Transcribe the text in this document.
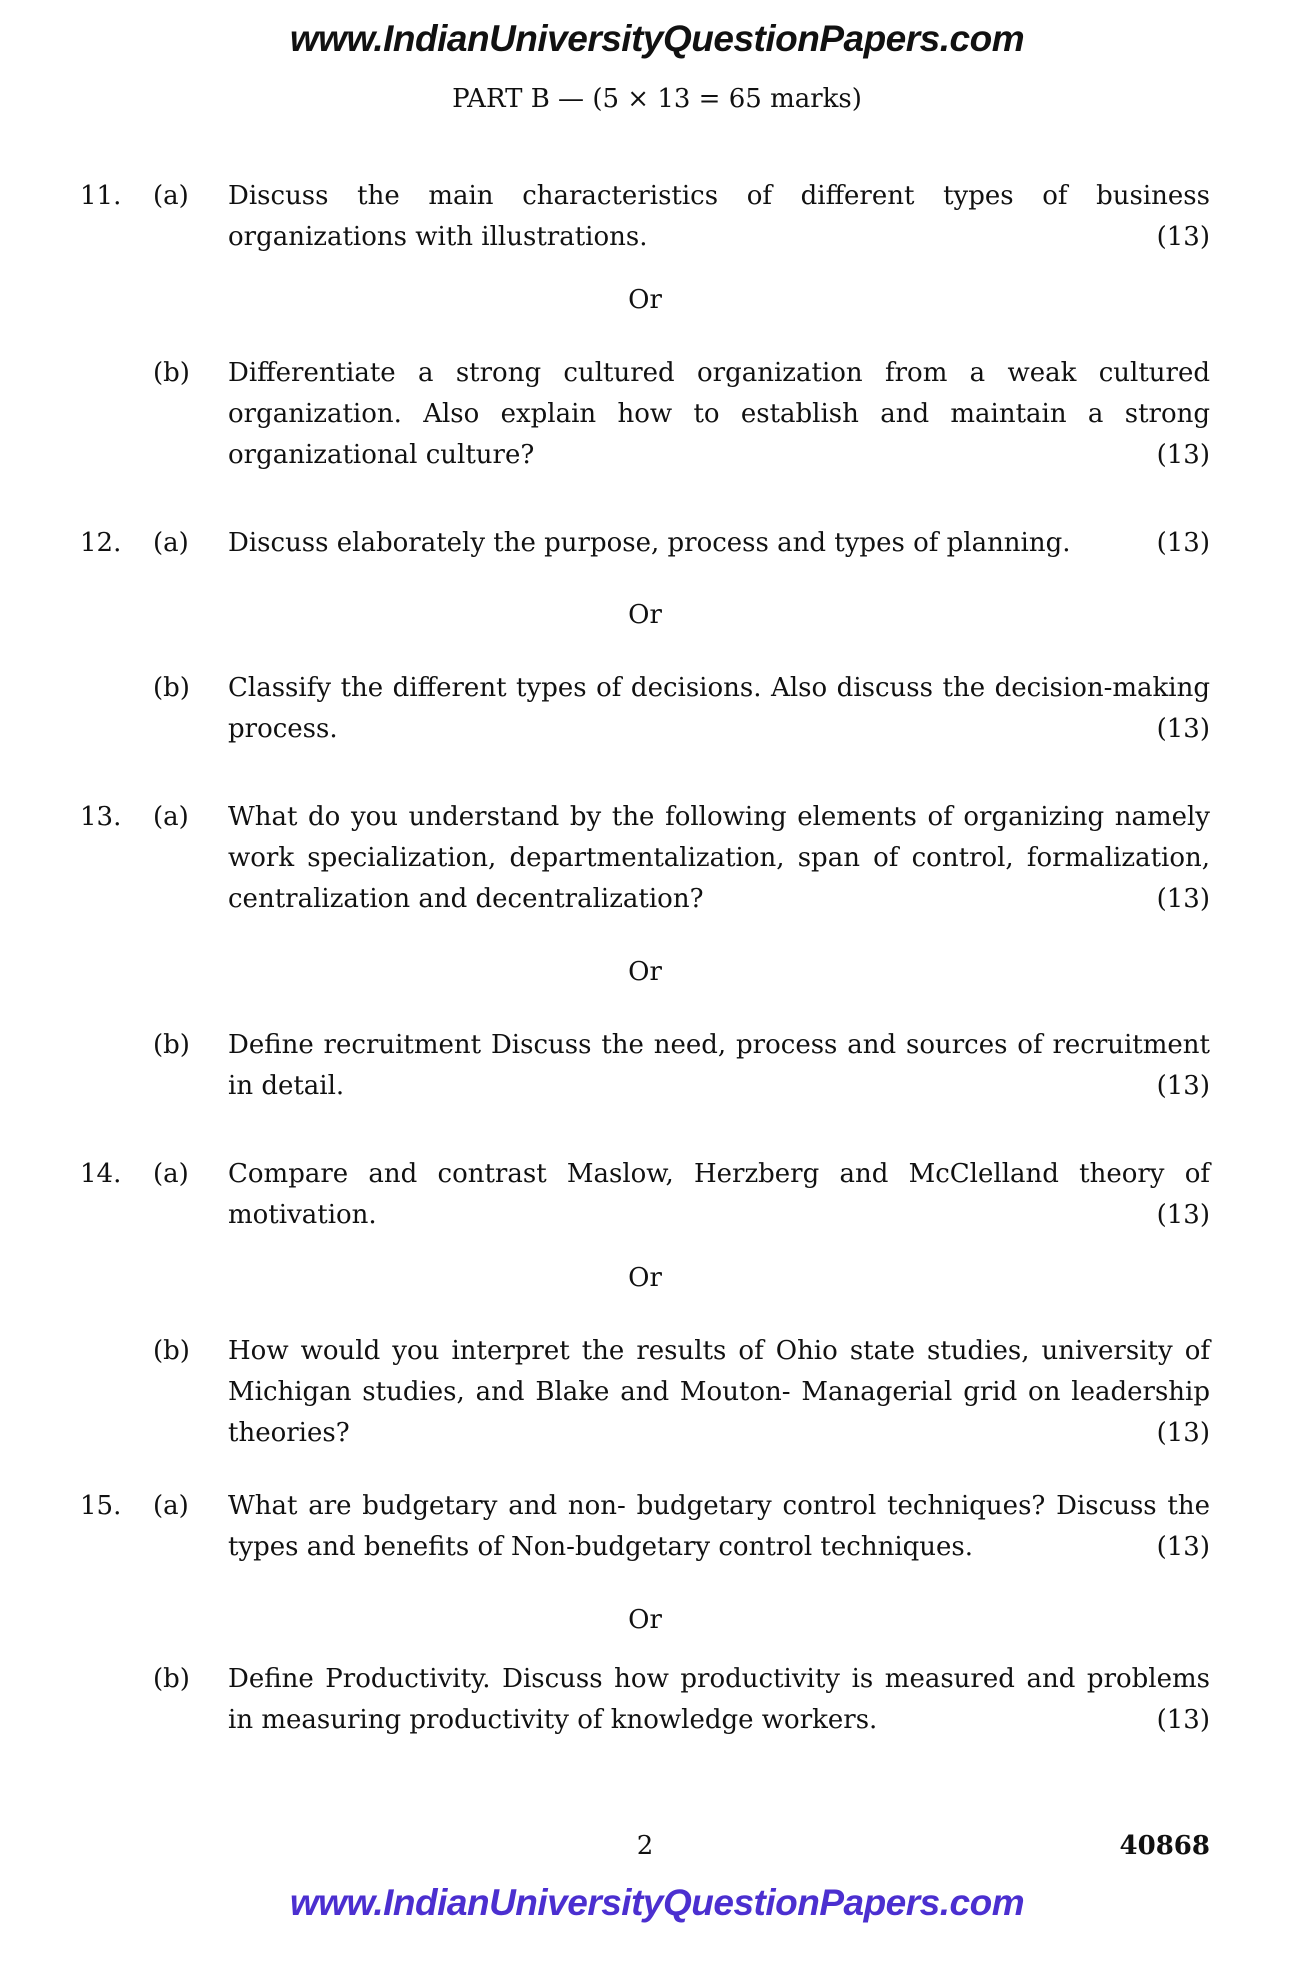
www.IndianUniversityQuestionPapers.com
PART B — (5 × 13 = 65 marks)
11. (a) Discuss the main characteristics of different types of business
organizations with illustrations.	(13)
Or
(b) Differentiate a strong cultured organization from a weak cultured
organization. Also explain how to establish and maintain a strong
organizational culture?	(13)
12. (a) Discuss elaborately the purpose, process and types of planning.	(13)
Or
(b) Classify the different types of decisions. Also discuss the decision-making
process.	(13)
13. (a) What do you understand by the following elements of organizing namely
work specialization, departmentalization, span of control, formalization,
centralization and decentralization?	(13)
Or
(b) Define recruitment Discuss the need, process and sources of recruitment
in detail.	(13)
14. (a) Compare and contrast Maslow, Herzberg and McClelland theory of
motivation.	(13)
Or
(b) How would you interpret the results of Ohio state studies, university of
Michigan studies, and Blake and Mouton- Managerial grid on leadership
theories?	(13)
15. (a) What are budgetary and non- budgetary control techniques? Discuss the
types and benefits of Non-budgetary control techniques.	(13)
Or
(b) Define Productivity. Discuss how productivity is measured and problems
in measuring productivity of knowledge workers.	(13)
2	40868
www.IndianUniversityQuestionPapers.com
